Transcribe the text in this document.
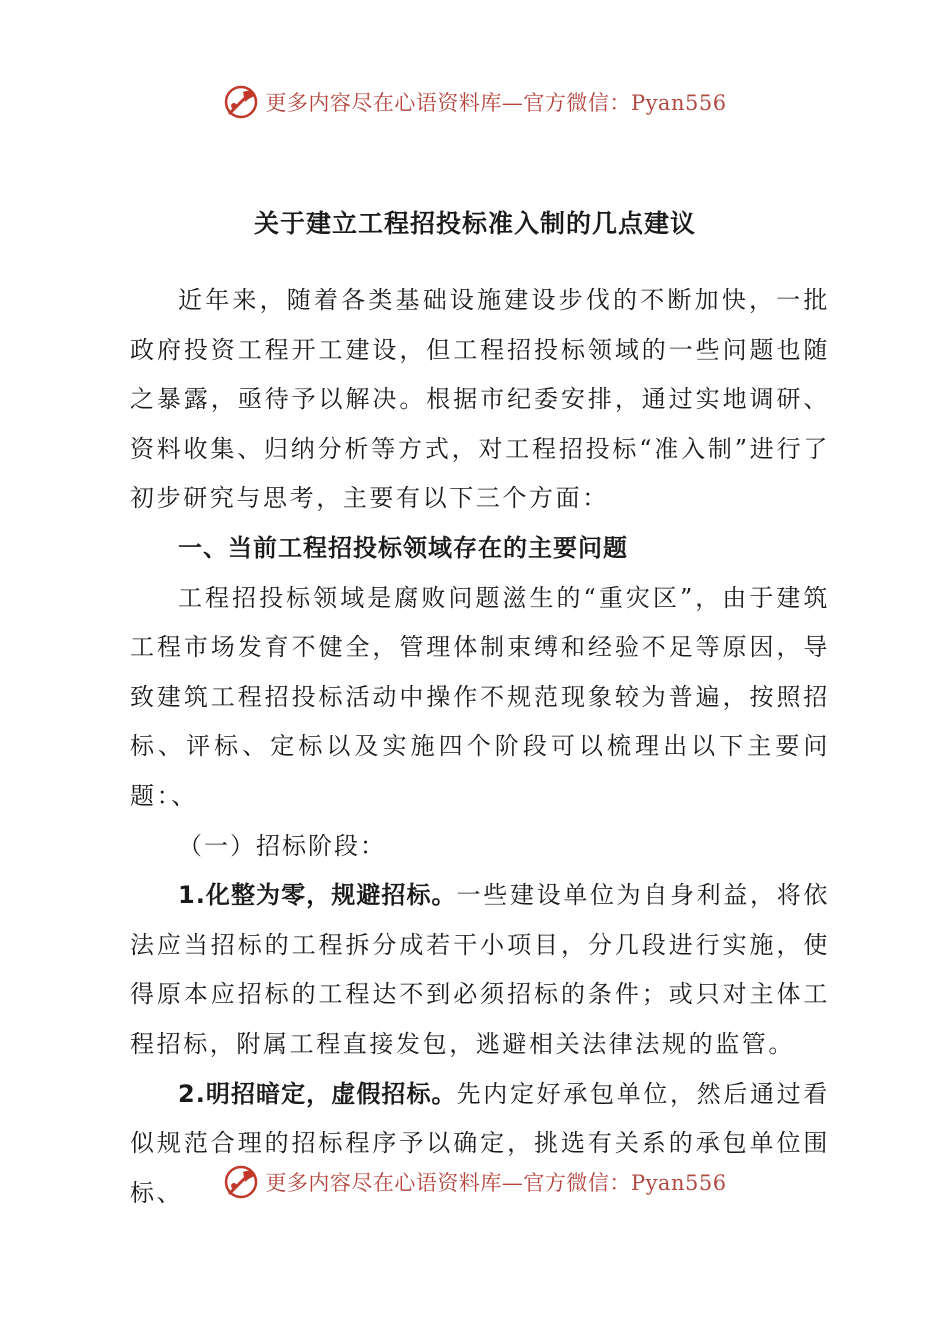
更多内容尽在心语资料库—官方微信：Pyan556
关于建立工程招投标准入制的几点建议

近年来，随着各类基础设施建设步伐的不断加快，一批政府投资工程开工建设，但工程招投标领域的一些问题也随之暴露，亟待予以解决。根据市纪委安排，通过实地调研、资料收集、归纳分析等方式，对工程招投标“准入制”进行了初步研究与思考，主要有以下三个方面：

一、当前工程招投标领域存在的主要问题

工程招投标领域是腐败问题滋生的“重灾区”，由于建筑工程市场发育不健全，管理体制束缚和经验不足等原因，导致建筑工程招投标活动中操作不规范现象较为普遍，按照招标、评标、定标以及实施四个阶段可以梳理出以下主要问题：、

（一）招标阶段：

1.化整为零，规避招标。一些建设单位为自身利益，将依法应当招标的工程拆分成若干小项目，分几段进行实施，使得原本应招标的工程达不到必须招标的条件；或只对主体工程招标，附属工程直接发包，逃避相关法律法规的监管。

2.明招暗定，虚假招标。先内定好承包单位，然后通过看似规范合理的招标程序予以确定，挑选有关系的承包单位围标、	更多内容尽在心语资料库—官方微信：Pyan556
